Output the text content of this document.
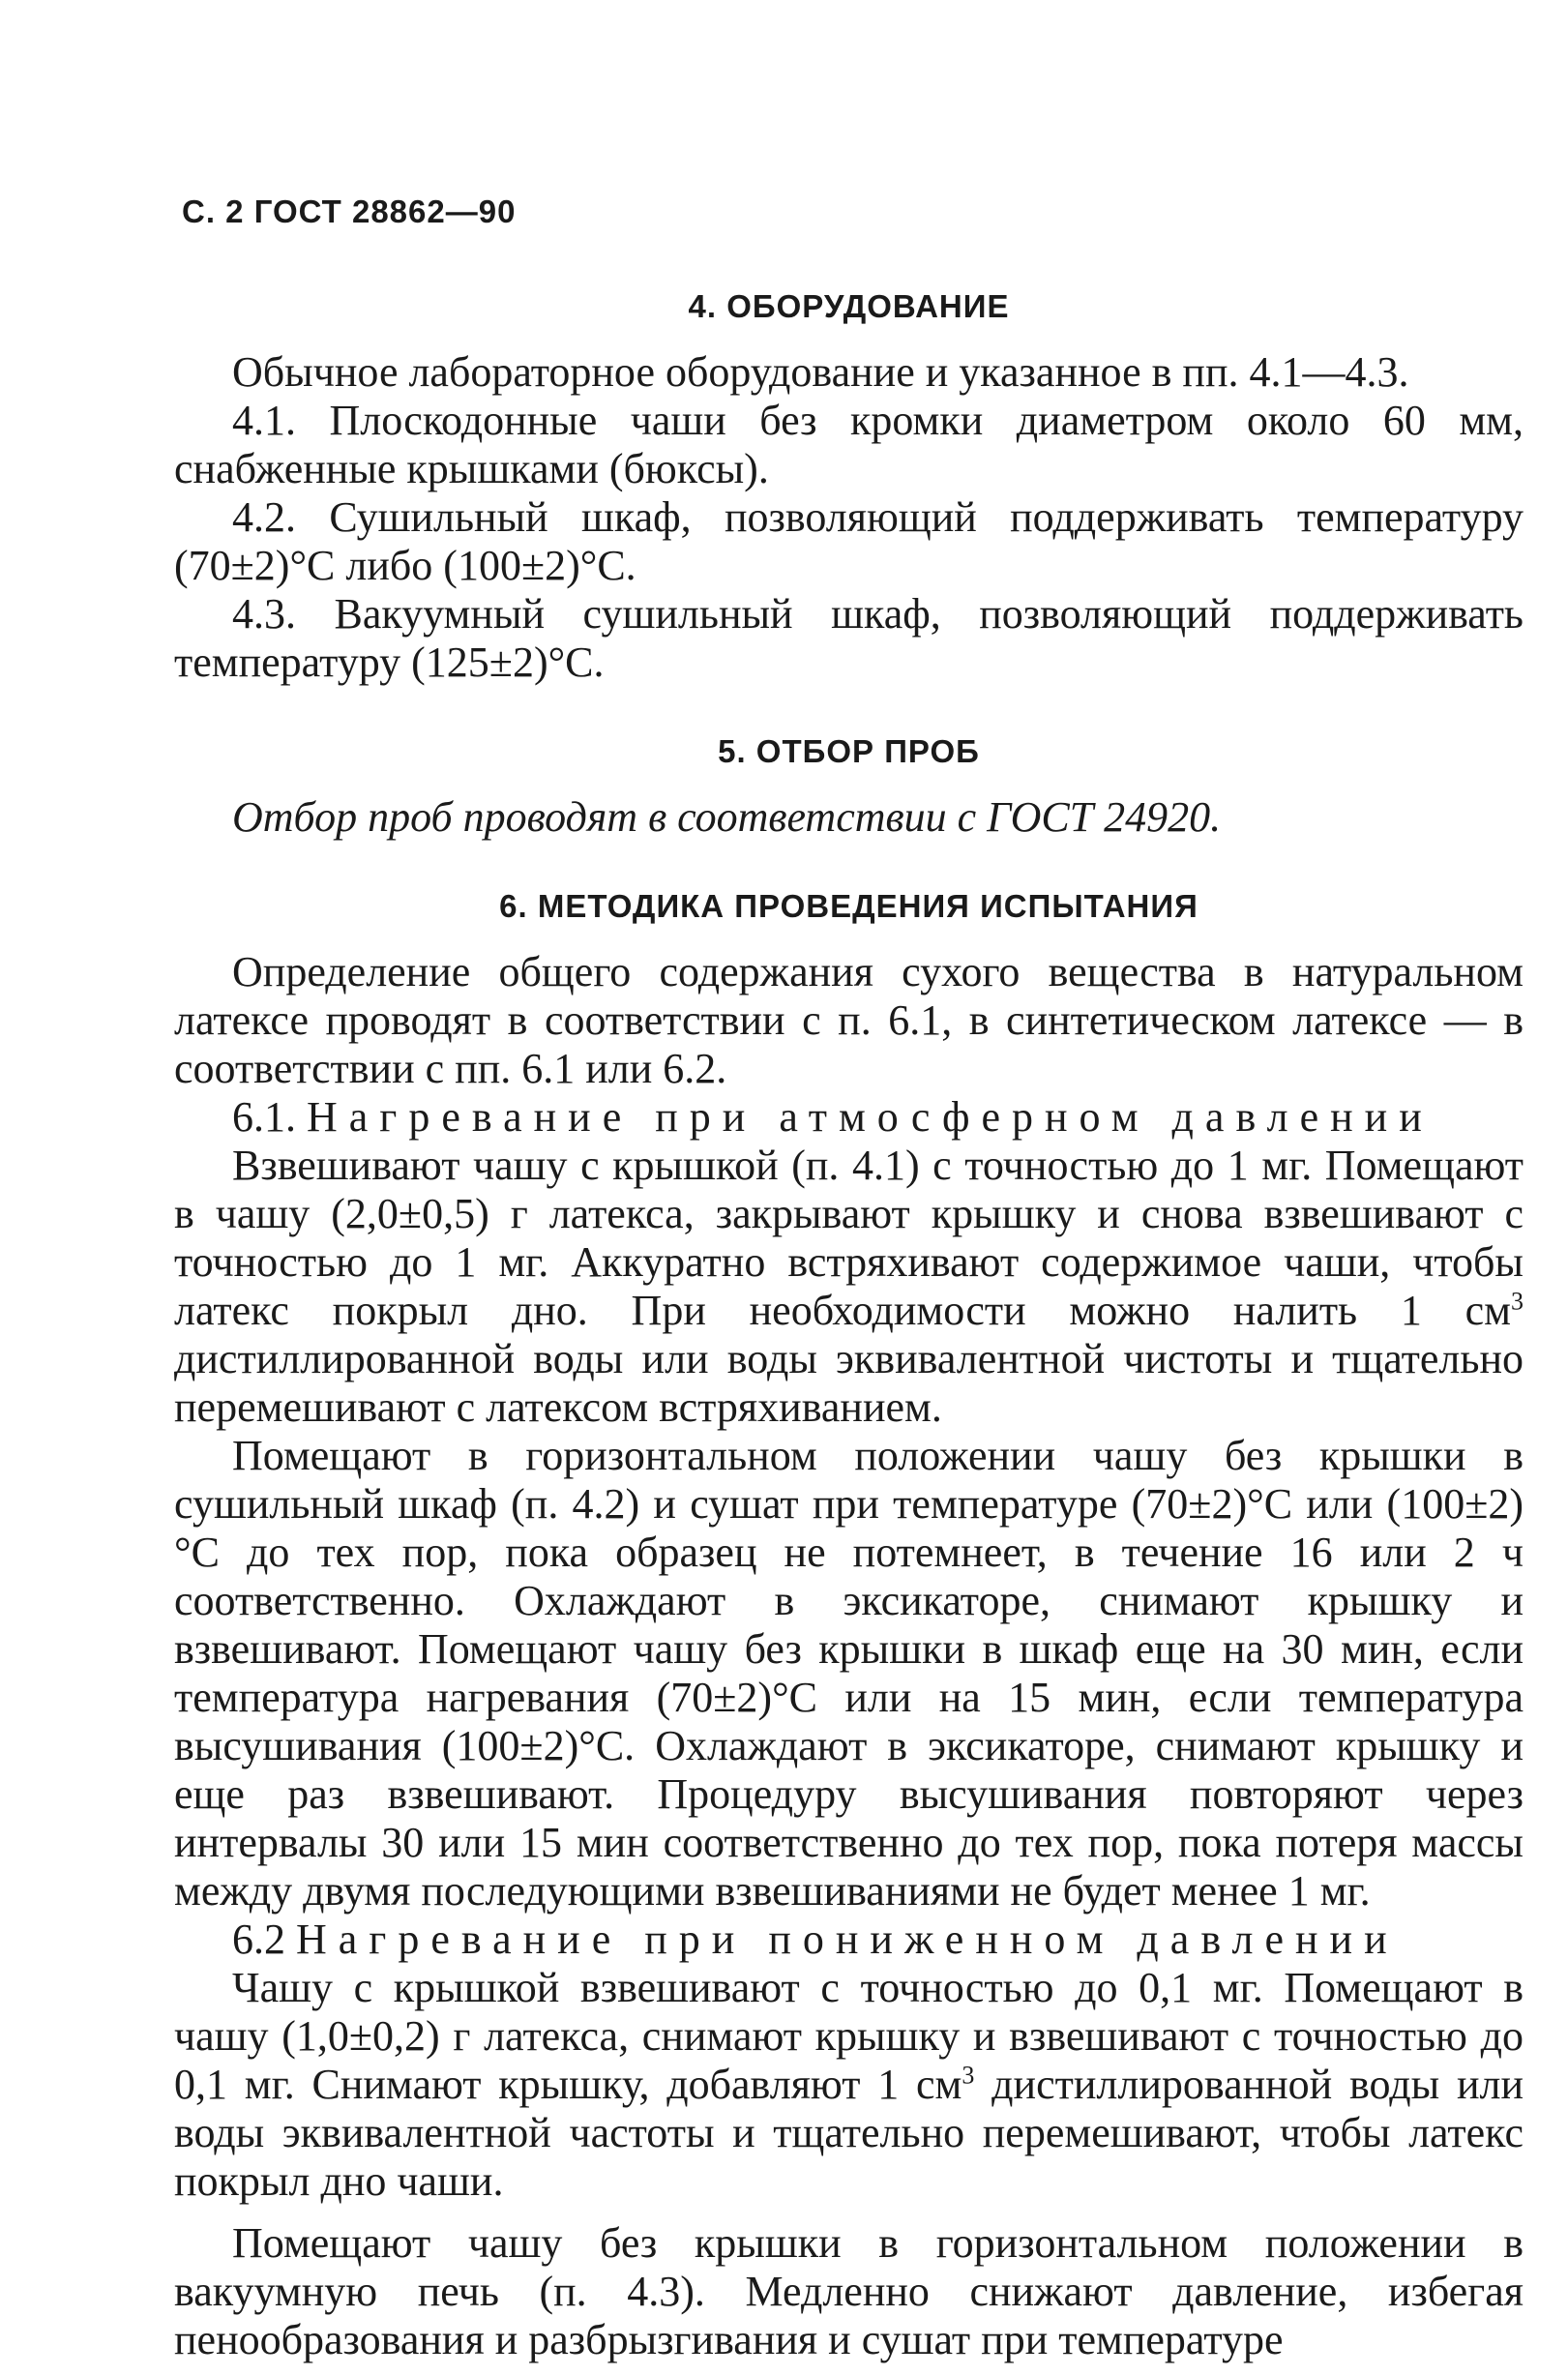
С. 2 ГОСТ 28862—90
4. ОБОРУДОВАНИЕ

Обычное лабораторное оборудование и указанное в пп. 4.1—4.3.

4.1. Плоскодонные чаши без кромки диаметром около 60 мм, снабженные крышками (бюксы).

4.2. Сушильный шкаф, позволяющий поддерживать температуру (70±2)°С либо (100±2)°С.

4.3. Вакуумный сушильный шкаф, позволяющий поддерживать температуру (125±2)°С.

5. ОТБОР ПРОБ

Отбор проб проводят в соответствии с ГОСТ 24920.

6. МЕТОДИКА ПРОВЕДЕНИЯ ИСПЫТАНИЯ

Определение общего содержания сухого вещества в натуральном латексе проводят в соответствии с п. 6.1, в синтетическом латексе — в соответствии с пп. 6.1 или 6.2.

6.1. Нагревание при атмосферном давлении

Взвешивают чашу с крышкой (п. 4.1) с точностью до 1 мг. Помещают в чашу (2,0±0,5) г латекса, закрывают крышку и снова взвешивают с точностью до 1 мг. Аккуратно встряхивают содержимое чаши, чтобы латекс покрыл дно. При необходимости можно налить 1 $см^3$ дистиллированной воды или воды эквивалентной чистоты и тщательно перемешивают с латексом встряхиванием.

Помещают в горизонтальном положении чашу без крышки в сушильный шкаф (п. 4.2) и сушат при температуре (70±2)°С или (100±2)°С до тех пор, пока образец не потемнеет, в течение 16 или 2 ч соответственно. Охлаждают в эксикаторе, снимают крышку и взвешивают. Помещают чашу без крышки в шкаф еще на 30 мин, если температура нагревания (70±2)°С или на 15 мин, если температура высушивания (100±2)°С. Охлаждают в эксикаторе, снимают крышку и еще раз взвешивают. Процедуру высушивания повторяют через интервалы 30 или 15 мин соответственно до тех пор, пока потеря массы между двумя последующими взвешиваниями не будет менее 1 мг.

6.2 Нагревание при пониженном давлении

Чашу с крышкой взвешивают с точностью до 0,1 мг. Помещают в чашу (1,0±0,2) г латекса, снимают крышку и взвешивают с точностью до 0,1 мг. Снимают крышку, добавляют 1 $см^3$ дистиллированной воды или воды эквивалентной частоты и тщательно перемешивают, чтобы латекс покрыл дно чаши.

Помещают чашу без крышки в горизонтальном положении в вакуумную печь (п. 4.3). Медленно снижают давление, избегая пенообразования и разбрызгивания и сушат при температуре
